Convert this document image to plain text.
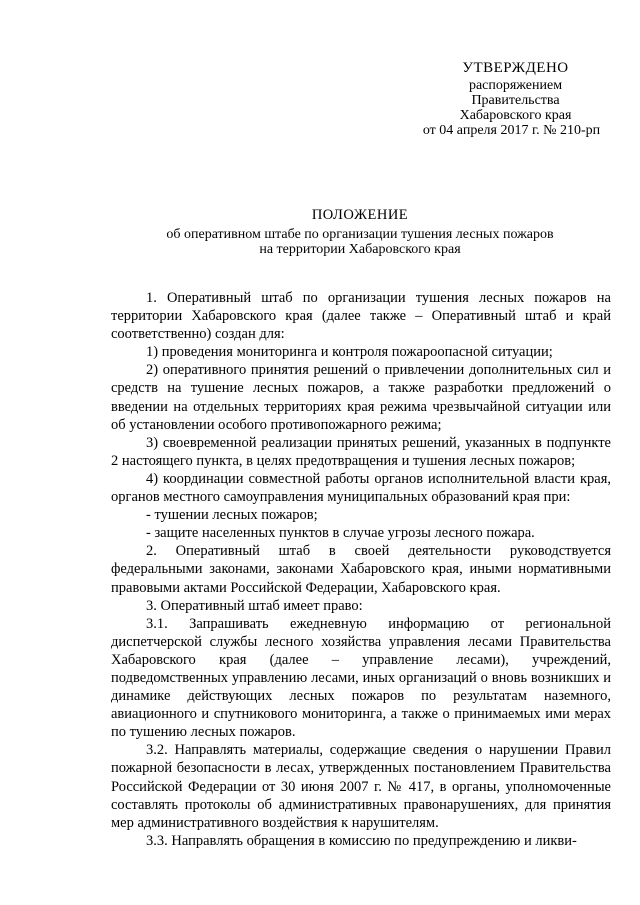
УТВЕРЖДЕНО
распоряжением
Правительства
Хабаровского края
от 04 апреля 2017 г. № 210-рп
ПОЛОЖЕНИЕ
об оперативном штабе по организации тушения лесных пожаров
на территории Хабаровского края

1. Оперативный штаб по организации тушения лесных пожаров на территории Хабаровского края (далее также – Оперативный штаб и край соответственно) создан для:

1) проведения мониторинга и контроля пожароопасной ситуации;

2) оперативного принятия решений о привлечении дополнительных сил и средств на тушение лесных пожаров, а также разработки предложений о введении на отдельных территориях края режима чрезвычайной ситуации или об установлении особого противопожарного режима;

3) своевременной реализации принятых решений, указанных в подпункте 2 настоящего пункта, в целях предотвращения и тушения лесных пожаров;

4) координации совместной работы органов исполнительной власти края, органов местного самоуправления муниципальных образований края при:

- тушении лесных пожаров;

- защите населенных пунктов в случае угрозы лесного пожара.

2. Оперативный штаб в своей деятельности руководствуется федеральными законами, законами Хабаровского края, иными нормативными правовыми актами Российской Федерации, Хабаровского края.

3. Оперативный штаб имеет право:

3.1. Запрашивать ежедневную информацию от региональной диспетчерской службы лесного хозяйства управления лесами Правительства Хабаровского края (далее – управление лесами), учреждений, подведомственных управлению лесами, иных организаций о вновь возникших и динамике действующих лесных пожаров по результатам наземного, авиационного и спутникового мониторинга, а также о принимаемых ими мерах по тушению лесных пожаров.

3.2. Направлять материалы, содержащие сведения о нарушении Правил пожарной безопасности в лесах, утвержденных постановлением Правительства Российской Федерации от 30 июня 2007 г. № 417, в органы, уполномоченные составлять протоколы об административных правонарушениях, для принятия мер административного воздействия к нарушителям.

3.3. Направлять обращения в комиссию по предупреждению и ликви-
